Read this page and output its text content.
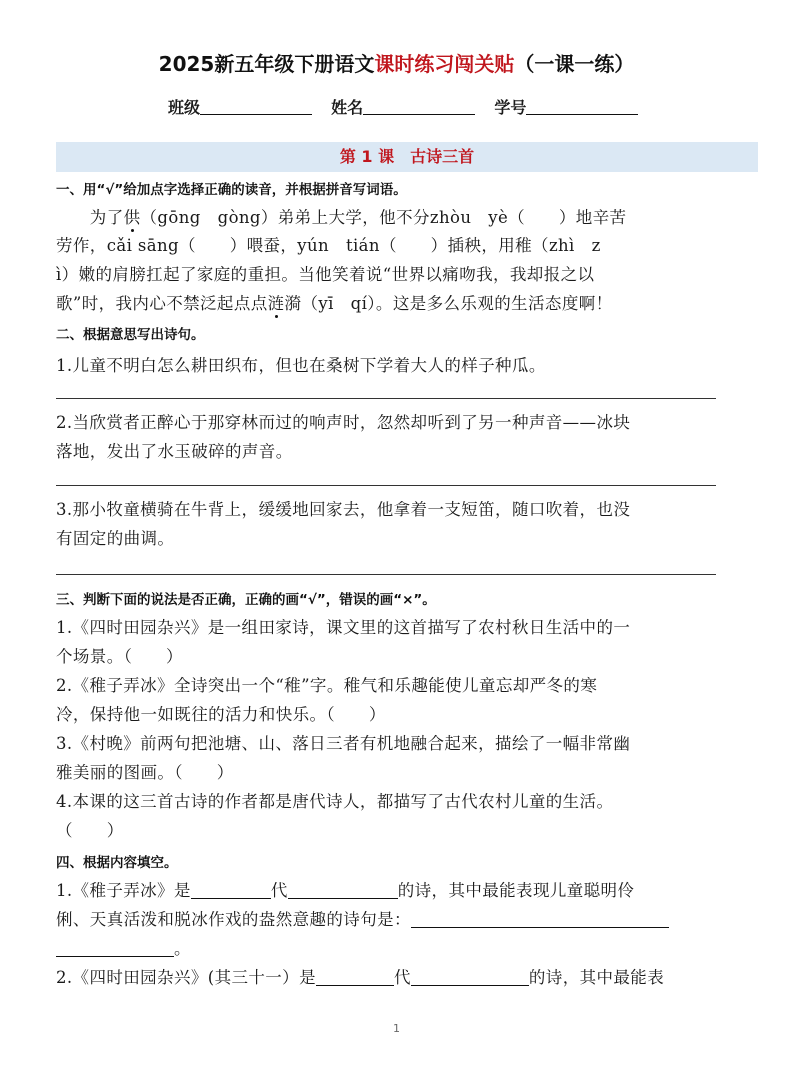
2025新五年级下册语文课时练习闯关贴（一课一练）
班级	姓名	学号
第 1 课　古诗三首
一、用“√”给加点字选择正确的读音，并根据拼音写词语。
　　为了供（gōng　gòng）弟弟上大学，他不分zhòu　yè（　　）地辛苦
劳作，cǎi sāng（　　）喂蚕，yún　tián（　　）插秧，用稚（zhì　z
ì）嫩的肩膀扛起了家庭的重担。当他笑着说“世界以痛吻我，我却报之以
歌”时，我内心不禁泛起点点涟漪（yī　qí）。这是多么乐观的生活态度啊！
二、根据意思写出诗句。
1.儿童不明白怎么耕田织布，但也在桑树下学着大人的样子种瓜。
2.当欣赏者正醉心于那穿林而过的响声时，忽然却听到了另一种声音——冰块
落地，发出了水玉破碎的声音。
3.那小牧童横骑在牛背上，缓缓地回家去，他拿着一支短笛，随口吹着，也没
有固定的曲调。
三、判断下面的说法是否正确，正确的画“√”，错误的画“×”。
1.《四时田园杂兴》是一组田家诗，课文里的这首描写了农村秋日生活中的一
个场景。（　　）
2.《稚子弄冰》全诗突出一个“稚”字。稚气和乐趣能使儿童忘却严冬的寒
冷，保持他一如既往的活力和快乐。（　　）
3.《村晚》前两句把池塘、山、落日三者有机地融合起来，描绘了一幅非常幽
雅美丽的图画。（　　）
4.本课的这三首古诗的作者都是唐代诗人，都描写了古代农村儿童的生活。
（　　）
四、根据内容填空。
1.《稚子弄冰》是	代	的诗，其中最能表现儿童聪明伶
俐、天真活泼和脱冰作戏的盎然意趣的诗句是：
。
2.《四时田园杂兴》(其三十一）是	代	的诗，其中最能表
1
